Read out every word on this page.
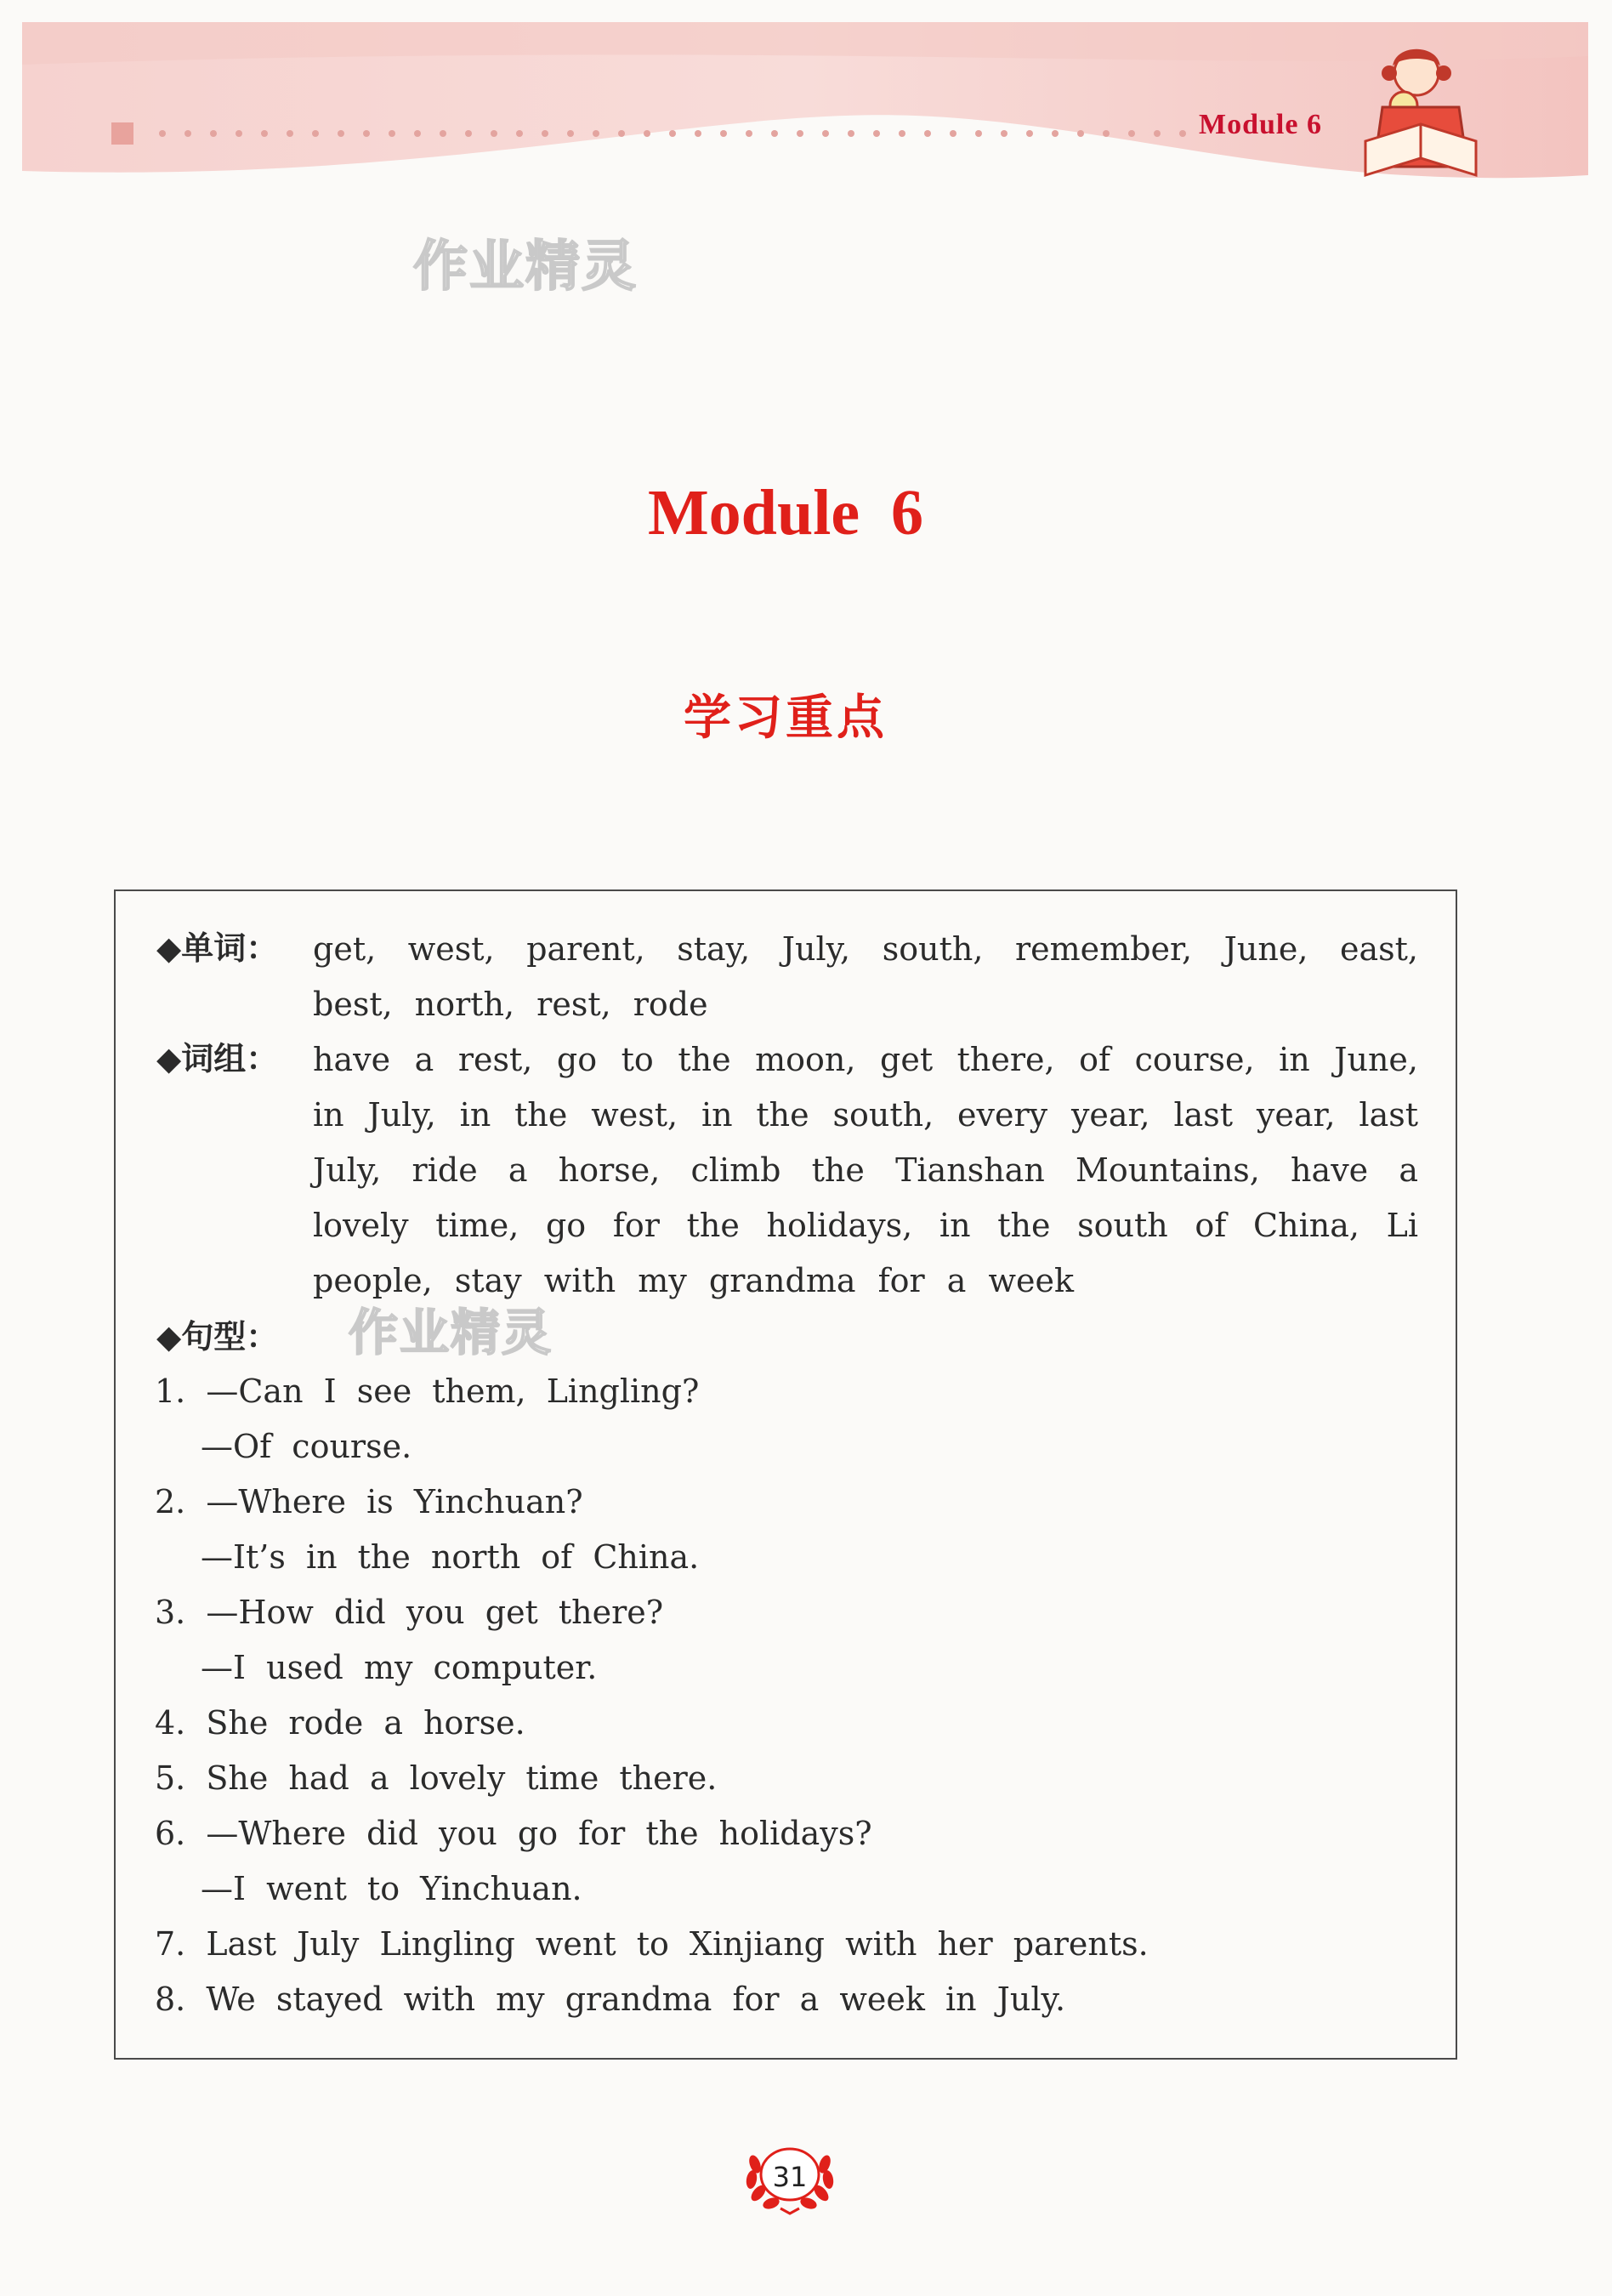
Module 6
作业精灵
作业精灵
Module 6
学习重点
◆单词： get, west, parent, stay, July, south, remember, June, east, best, north, rest, rode
◆词组： have a rest, go to the moon, get there, of course, in June, in July, in the west, in the south, every year, last year, last July, ride a horse, climb the Tianshan Mountains, have a lovely time, go for the holidays, in the south of China, Li people, stay with my grandma for a week
◆句型：
1. —Can I see them, Lingling?
—Of course.
2. —Where is Yinchuan?
—It’s in the north of China.
3. —How did you get there?
—I used my computer.
4. She rode a horse.
5. She had a lovely time there.
6. —Where did you go for the holidays?
—I went to Yinchuan.
7. Last July Lingling went to Xinjiang with her parents.
8. We stayed with my grandma for a week in July.
31
